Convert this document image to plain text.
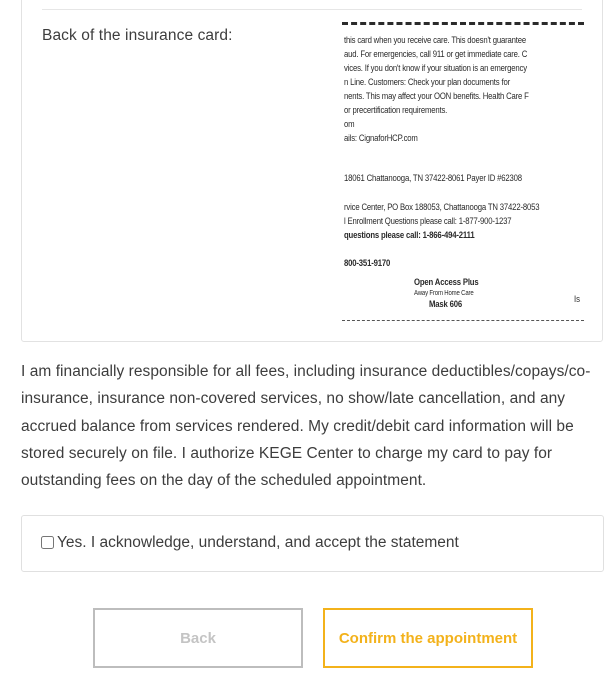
Back of the insurance card:	this card when you receive care. This doesn't guarantee
aud. For emergencies, call 911 or get immediate care. C
vices. If you don't know if your situation is an emergency
n Line. Customers: Check your plan documents for
nents. This may affect your OON benefits. Health Care F
or precertification requirements.
om
ails: CignaforHCP.com
18061 Chattanooga, TN 37422-8061 Payer ID #62308
rvice Center, PO Box 188053, Chattanooga TN 37422-8053
l Enrollment Questions please call: 1-877-900-1237
questions please call: 1-866-494-2111
800-351-9170
Open Access Plus
Away From Home Care
Mask 606	Is
I am financially responsible for all fees, including insurance deductibles/copays/co-insurance, insurance non-covered services, no show/late cancellation, and any accrued balance from services rendered. My credit/debit card information will be stored securely on file. I authorize KEGE Center to charge my card to pay for outstanding fees on the day of the scheduled appointment.
Yes. I acknowledge, understand, and accept the statement
Back	Confirm the appointment
